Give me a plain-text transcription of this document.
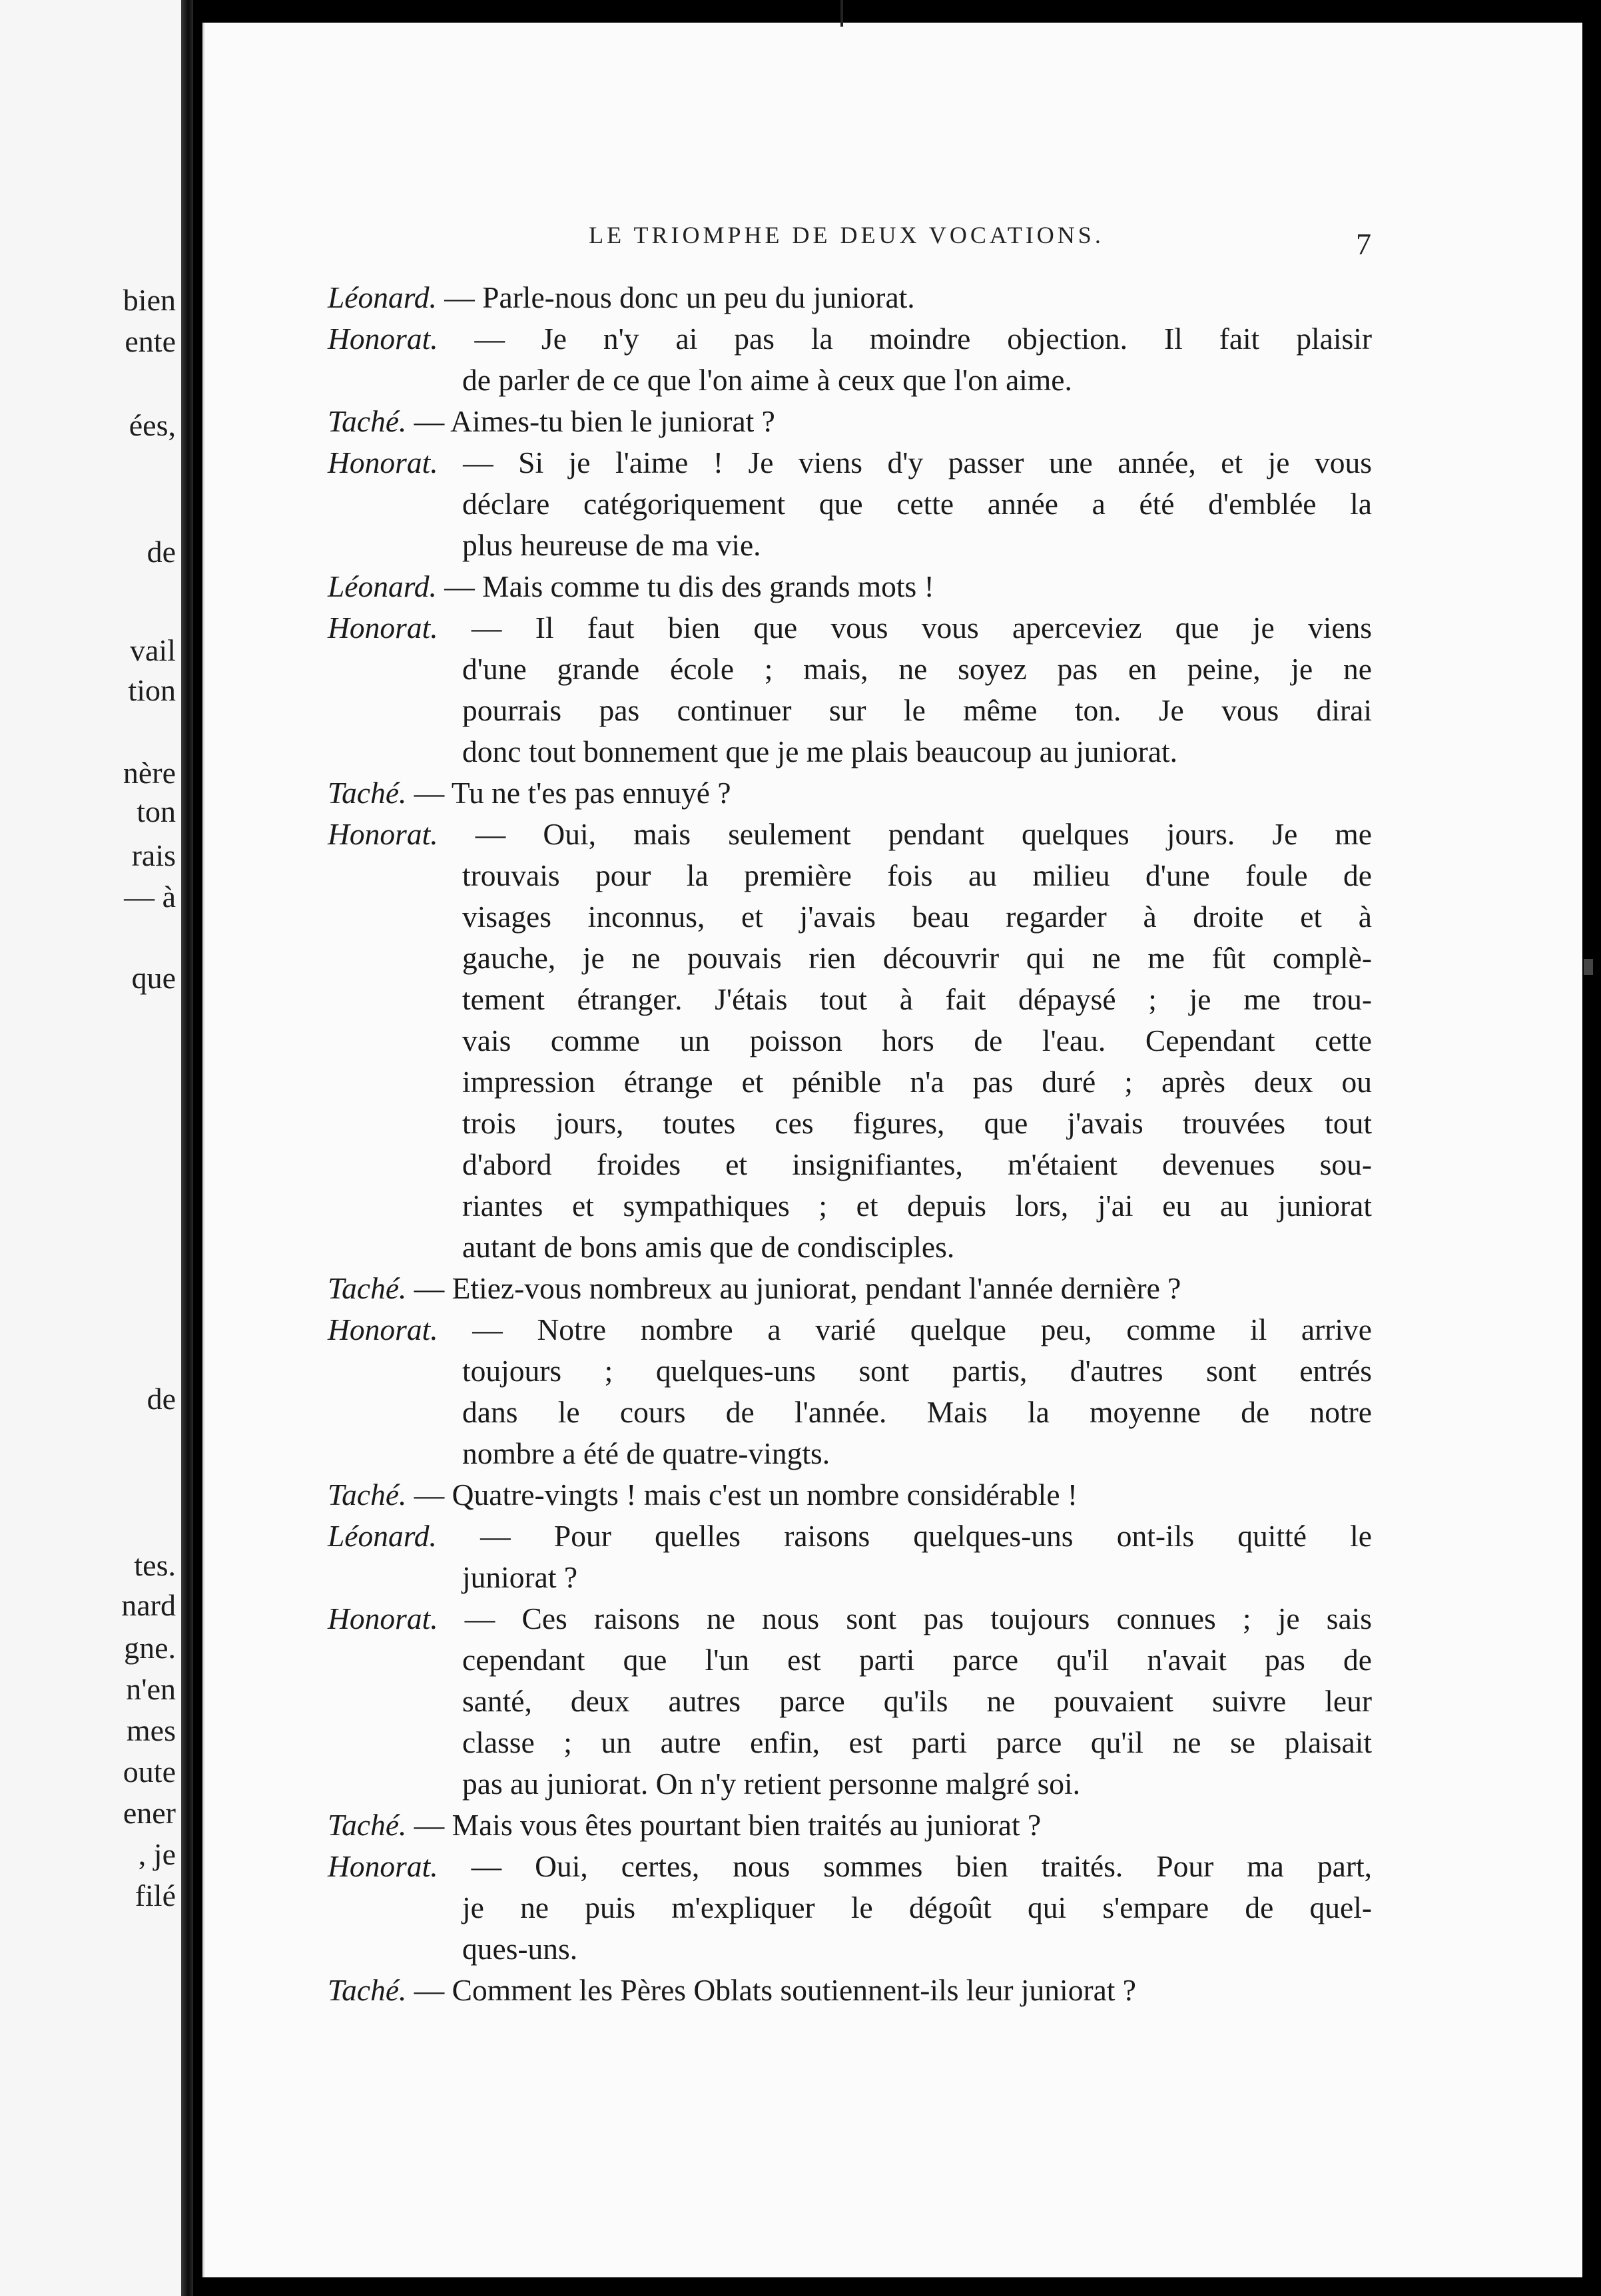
bien
ente
ées,
de
vail
tion
nère
ton
rais
— à
que
de
tes.
nard
gne.
n'en
mes
oute
ener
, je
filé
LE TRIOMPHE DE DEUX VOCATIONS.	7
Léonard. — Parle-nous donc un peu du juniorat.
Honorat. — Je n'y ai pas la moindre objection. Il fait plaisir
de parler de ce que l'on aime à ceux que l'on aime.
Taché. — Aimes-tu bien le juniorat ?
Honorat. — Si je l'aime ! Je viens d'y passer une année, et je vous
déclare catégoriquement que cette année a été d'emblée la
plus heureuse de ma vie.
Léonard. — Mais comme tu dis des grands mots !
Honorat. — Il faut bien que vous vous aperceviez que je viens
d'une grande école ; mais, ne soyez pas en peine, je ne
pourrais pas continuer sur le même ton. Je vous dirai
donc tout bonnement que je me plais beaucoup au juniorat.
Taché. — Tu ne t'es pas ennuyé ?
Honorat. — Oui, mais seulement pendant quelques jours. Je me
trouvais pour la première fois au milieu d'une foule de
visages inconnus, et j'avais beau regarder à droite et à
gauche, je ne pouvais rien découvrir qui ne me fût complè-
tement étranger. J'étais tout à fait dépaysé ; je me trou-
vais comme un poisson hors de l'eau. Cependant cette
impression étrange et pénible n'a pas duré ; après deux ou
trois jours, toutes ces figures, que j'avais trouvées tout
d'abord froides et insignifiantes, m'étaient devenues sou-
riantes et sympathiques ; et depuis lors, j'ai eu au juniorat
autant de bons amis que de condisciples.
Taché. — Etiez-vous nombreux au juniorat, pendant l'année dernière ?
Honorat. — Notre nombre a varié quelque peu, comme il arrive
toujours ; quelques-uns sont partis, d'autres sont entrés
dans le cours de l'année. Mais la moyenne de notre
nombre a été de quatre-vingts.
Taché. — Quatre-vingts ! mais c'est un nombre considérable !
Léonard. — Pour quelles raisons quelques-uns ont-ils quitté le
juniorat ?
Honorat. — Ces raisons ne nous sont pas toujours connues ; je sais
cependant que l'un est parti parce qu'il n'avait pas de
santé, deux autres parce qu'ils ne pouvaient suivre leur
classe ; un autre enfin, est parti parce qu'il ne se plaisait
pas au juniorat. On n'y retient personne malgré soi.
Taché. — Mais vous êtes pourtant bien traités au juniorat ?
Honorat. — Oui, certes, nous sommes bien traités. Pour ma part,
je ne puis m'expliquer le dégoût qui s'empare de quel-
ques-uns.
Taché. — Comment les Pères Oblats soutiennent-ils leur juniorat ?
